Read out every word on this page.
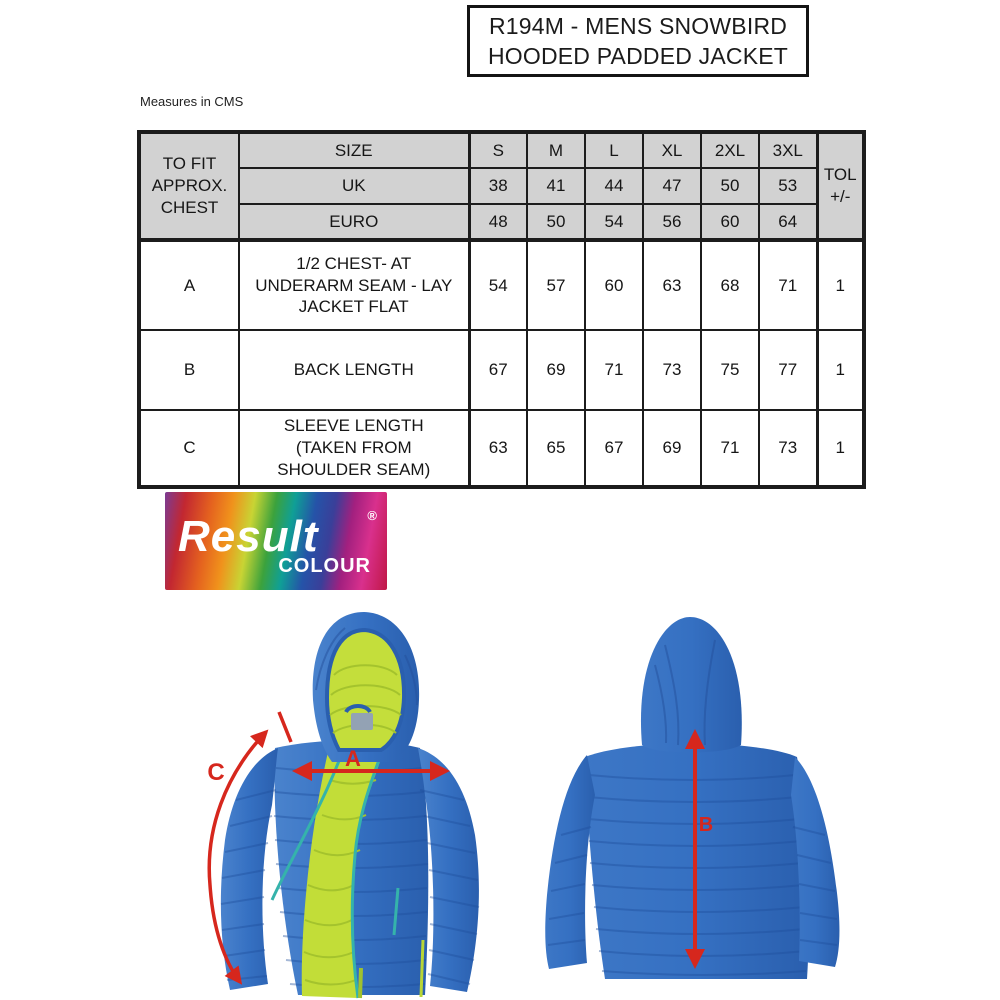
R194M - MENS SNOWBIRD
HOODED PADDED JACKET
Measures in CMS
TO FIT APPROX. CHEST	SIZE	S	M	L	XL	2XL	3XL	TOL +/-
	UK	38	41	44	47	50	53	
	EURO	48	50	54	56	60	64	
A	1/2 CHEST- AT UNDERARM SEAM - LAY JACKET FLAT	54	57	60	63	68	71	1
B	BACK LENGTH	67	69	71	73	75	77	1
C	SLEEVE LENGTH (TAKEN FROM SHOULDER SEAM)	63	65	67	69	71	73	1
Result	®
COLOUR
C
A
B
